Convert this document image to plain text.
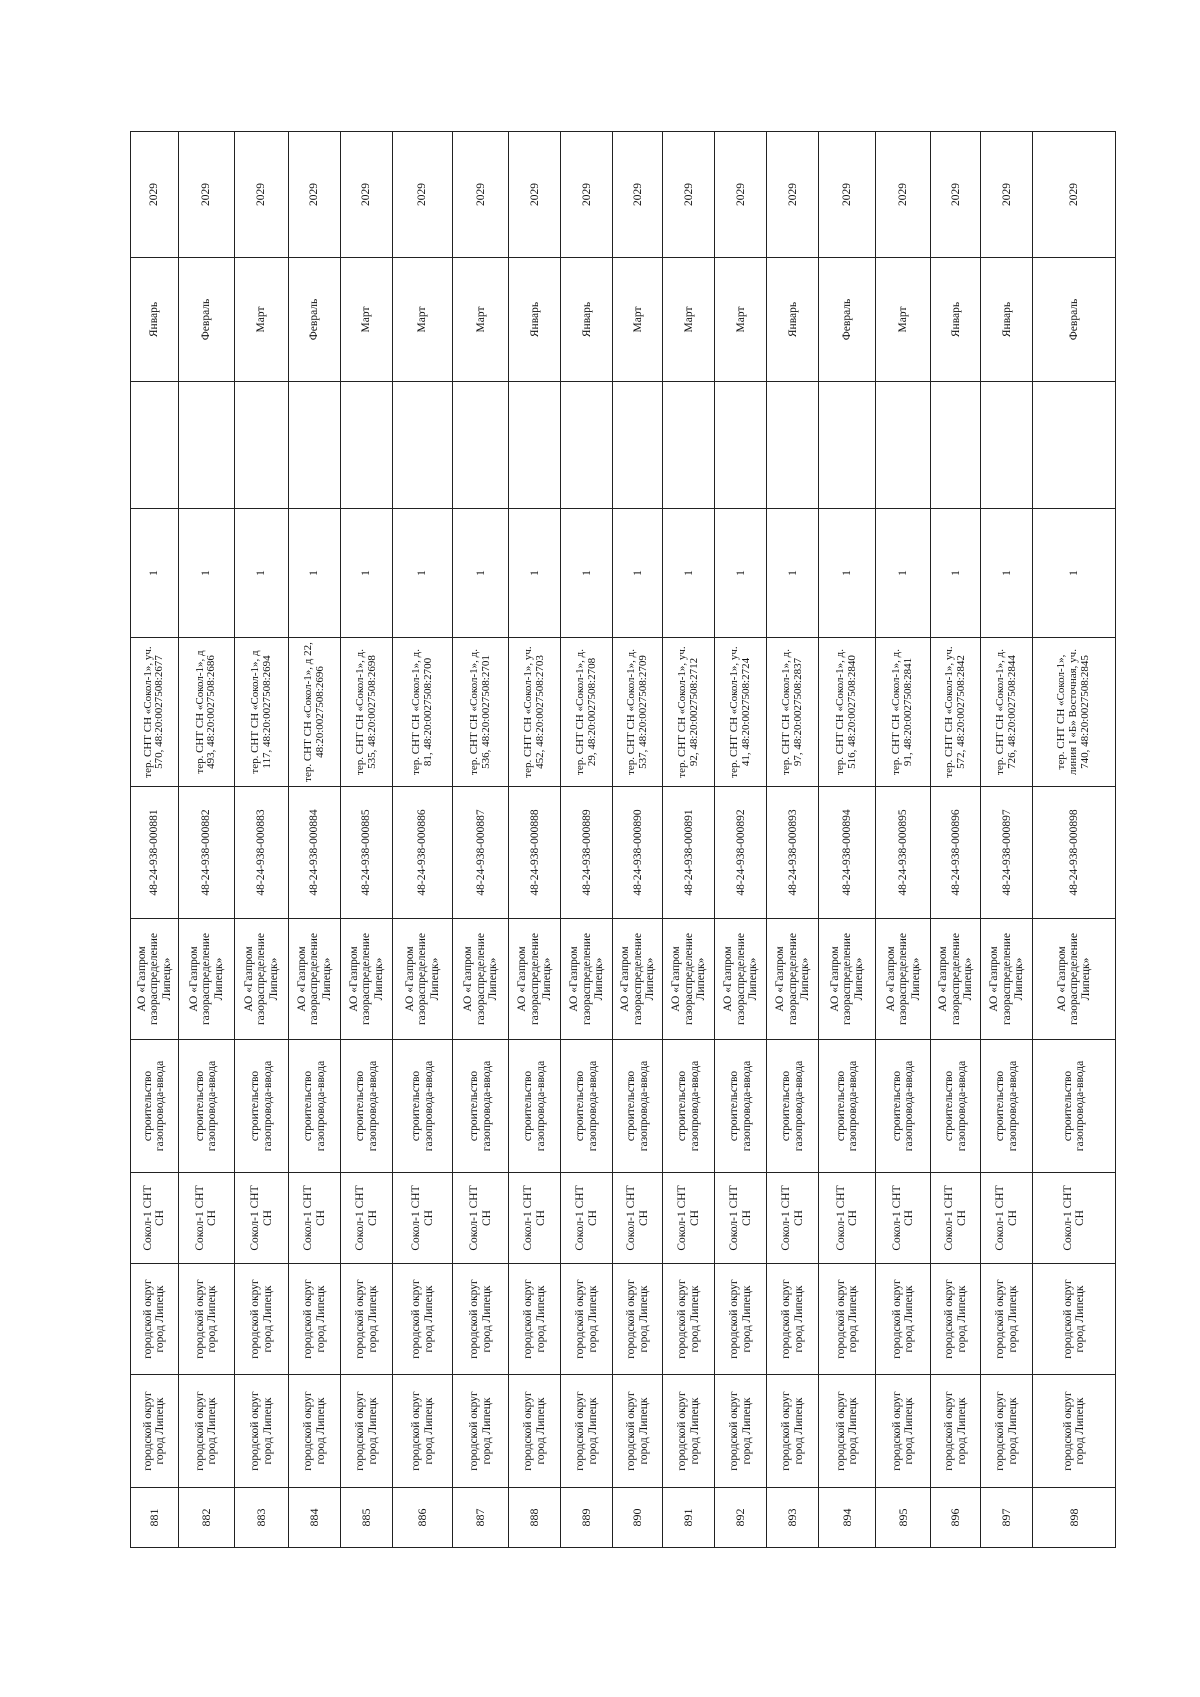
881	городской округ город Липецк	городской округ город Липецк	Сокол-1 СНТ СН	строительство газопровода-ввода	АО «Газпром газораспределение Липецк»	48-24-938-000881	тер. СНТ СН «Сокол-1», уч. 570, 48:20:0027508:2677	1		Январь	2029
882	городской округ город Липецк	городской округ город Липецк	Сокол-1 СНТ СН	строительство газопровода-ввода	АО «Газпром газораспределение Липецк»	48-24-938-000882	тер. СНТ СН «Сокол-1», д 493, 48:20:0027508:2686	1		Февраль	2029
883	городской округ город Липецк	городской округ город Липецк	Сокол-1 СНТ СН	строительство газопровода-ввода	АО «Газпром газораспределение Липецк»	48-24-938-000883	тер. СНТ СН «Сокол-1», д 117, 48:20:0027508:2694	1		Март	2029
884	городской округ город Липецк	городской округ город Липецк	Сокол-1 СНТ СН	строительство газопровода-ввода	АО «Газпром газораспределение Липецк»	48-24-938-000884	тер. СНТ СН «Сокол-1», д 22, 48:20:0027508:2696	1		Февраль	2029
885	городской округ город Липецк	городской округ город Липецк	Сокол-1 СНТ СН	строительство газопровода-ввода	АО «Газпром газораспределение Липецк»	48-24-938-000885	тер. СНТ СН «Сокол-1», д. 535, 48:20:0027508:2698	1		Март	2029
886	городской округ город Липецк	городской округ город Липецк	Сокол-1 СНТ СН	строительство газопровода-ввода	АО «Газпром газораспределение Липецк»	48-24-938-000886	тер. СНТ СН «Сокол-1», д. 81, 48:20:0027508:2700	1		Март	2029
887	городской округ город Липецк	городской округ город Липецк	Сокол-1 СНТ СН	строительство газопровода-ввода	АО «Газпром газораспределение Липецк»	48-24-938-000887	тер. СНТ СН «Сокол-1», д. 536, 48:20:0027508:2701	1		Март	2029
888	городской округ город Липецк	городской округ город Липецк	Сокол-1 СНТ СН	строительство газопровода-ввода	АО «Газпром газораспределение Липецк»	48-24-938-000888	тер. СНТ СН «Сокол-1», уч. 452, 48:20:0027508:2703	1		Январь	2029
889	городской округ город Липецк	городской округ город Липецк	Сокол-1 СНТ СН	строительство газопровода-ввода	АО «Газпром газораспределение Липецк»	48-24-938-000889	тер. СНТ СН «Сокол-1», д. 29, 48:20:0027508:2708	1		Январь	2029
890	городской округ город Липецк	городской округ город Липецк	Сокол-1 СНТ СН	строительство газопровода-ввода	АО «Газпром газораспределение Липецк»	48-24-938-000890	тер. СНТ СН «Сокол-1», д. 537, 48:20:0027508:2709	1		Март	2029
891	городской округ город Липецк	городской округ город Липецк	Сокол-1 СНТ СН	строительство газопровода-ввода	АО «Газпром газораспределение Липецк»	48-24-938-000891	тер. СНТ СН «Сокол-1», уч. 92, 48:20:0027508:2712	1		Март	2029
892	городской округ город Липецк	городской округ город Липецк	Сокол-1 СНТ СН	строительство газопровода-ввода	АО «Газпром газораспределение Липецк»	48-24-938-000892	тер. СНТ СН «Сокол-1», уч. 41, 48:20:0027508:2724	1		Март	2029
893	городской округ город Липецк	городской округ город Липецк	Сокол-1 СНТ СН	строительство газопровода-ввода	АО «Газпром газораспределение Липецк»	48-24-938-000893	тер. СНТ СН «Сокол-1», д. 97, 48:20:0027508:2837	1		Январь	2029
894	городской округ город Липецк	городской округ город Липецк	Сокол-1 СНТ СН	строительство газопровода-ввода	АО «Газпром газораспределение Липецк»	48-24-938-000894	тер. СНТ СН «Сокол-1», д. 516, 48:20:0027508:2840	1		Февраль	2029
895	городской округ город Липецк	городской округ город Липецк	Сокол-1 СНТ СН	строительство газопровода-ввода	АО «Газпром газораспределение Липецк»	48-24-938-000895	тер. СНТ СН «Сокол-1», д. 91, 48:20:0027508:2841	1		Март	2029
896	городской округ город Липецк	городской округ город Липецк	Сокол-1 СНТ СН	строительство газопровода-ввода	АО «Газпром газораспределение Липецк»	48-24-938-000896	тер. СНТ СН «Сокол-1», уч. 572, 48:20:0027508:2842	1		Январь	2029
897	городской округ город Липецк	городской округ город Липецк	Сокол-1 СНТ СН	строительство газопровода-ввода	АО «Газпром газораспределение Липецк»	48-24-938-000897	тер. СНТ СН «Сокол-1», д. 726, 48:20:0027508:2844	1		Январь	2029
898	городской округ город Липецк	городской округ город Липецк	Сокол-1 СНТ СН	строительство газопровода-ввода	АО «Газпром газораспределение Липецк»	48-24-938-000898	тер. СНТ СН «Сокол-1», линия I «Б» Восточная, уч. 740, 48:20:0027508:2845	1		Февраль	2029
